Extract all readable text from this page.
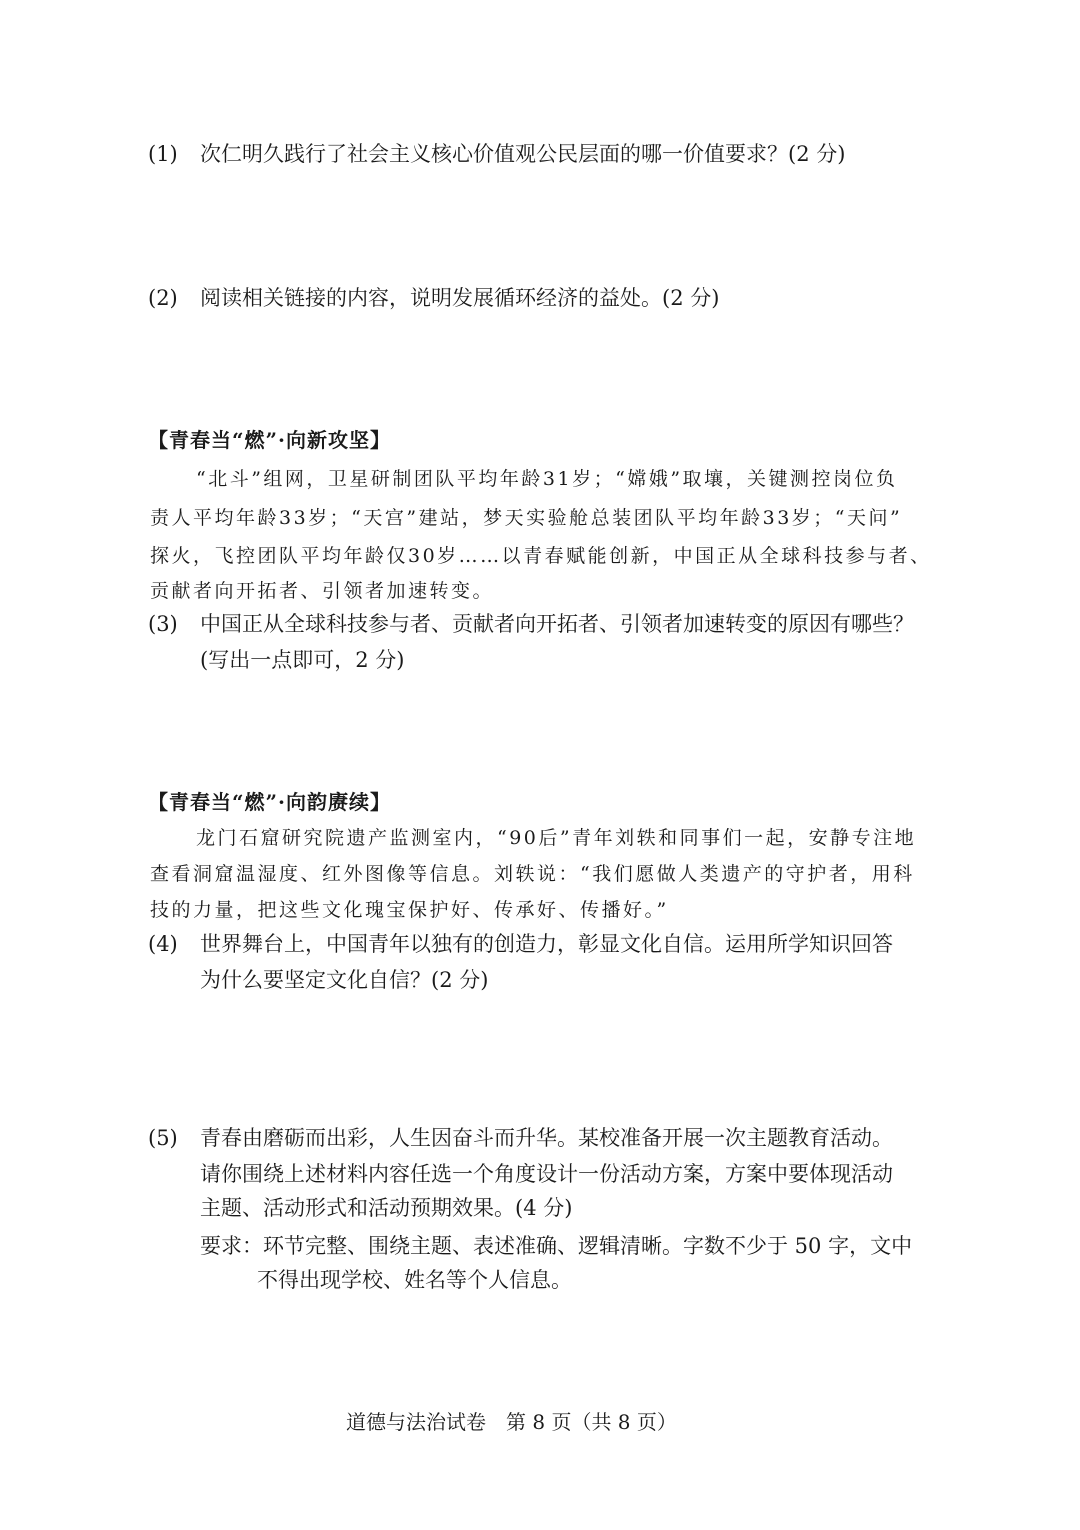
(1) 次仁明久践行了社会主义核心价值观公民层面的哪一价值要求？(2 分)
(2) 阅读相关链接的内容，说明发展循环经济的益处。(2 分)
【青春当“燃”·向新攻坚】
“北斗”组网，卫星研制团队平均年龄31岁；“嫦娥”取壤，关键测控岗位负
责人平均年龄33岁；“天宫”建站，梦天实验舱总装团队平均年龄33岁；“天问”
探火，飞控团队平均年龄仅30岁……以青春赋能创新，中国正从全球科技参与者、
贡献者向开拓者、引领者加速转变。
(3) 中国正从全球科技参与者、贡献者向开拓者、引领者加速转变的原因有哪些？
(写出一点即可，2 分)
【青春当“燃”·向韵赓续】
龙门石窟研究院遗产监测室内，“90后”青年刘轶和同事们一起，安静专注地
查看洞窟温湿度、红外图像等信息。刘轶说：“我们愿做人类遗产的守护者，用科
技的力量，把这些文化瑰宝保护好、传承好、传播好。”
(4) 世界舞台上，中国青年以独有的创造力，彰显文化自信。运用所学知识回答
为什么要坚定文化自信？(2 分)
(5) 青春由磨砺而出彩，人生因奋斗而升华。某校准备开展一次主题教育活动。
请你围绕上述材料内容任选一个角度设计一份活动方案，方案中要体现活动
主题、活动形式和活动预期效果。(4 分)
要求：环节完整、围绕主题、表述准确、逻辑清晰。字数不少于 50 字，文中
不得出现学校、姓名等个人信息。
道德与法治试卷　第 8 页（共 8 页）
